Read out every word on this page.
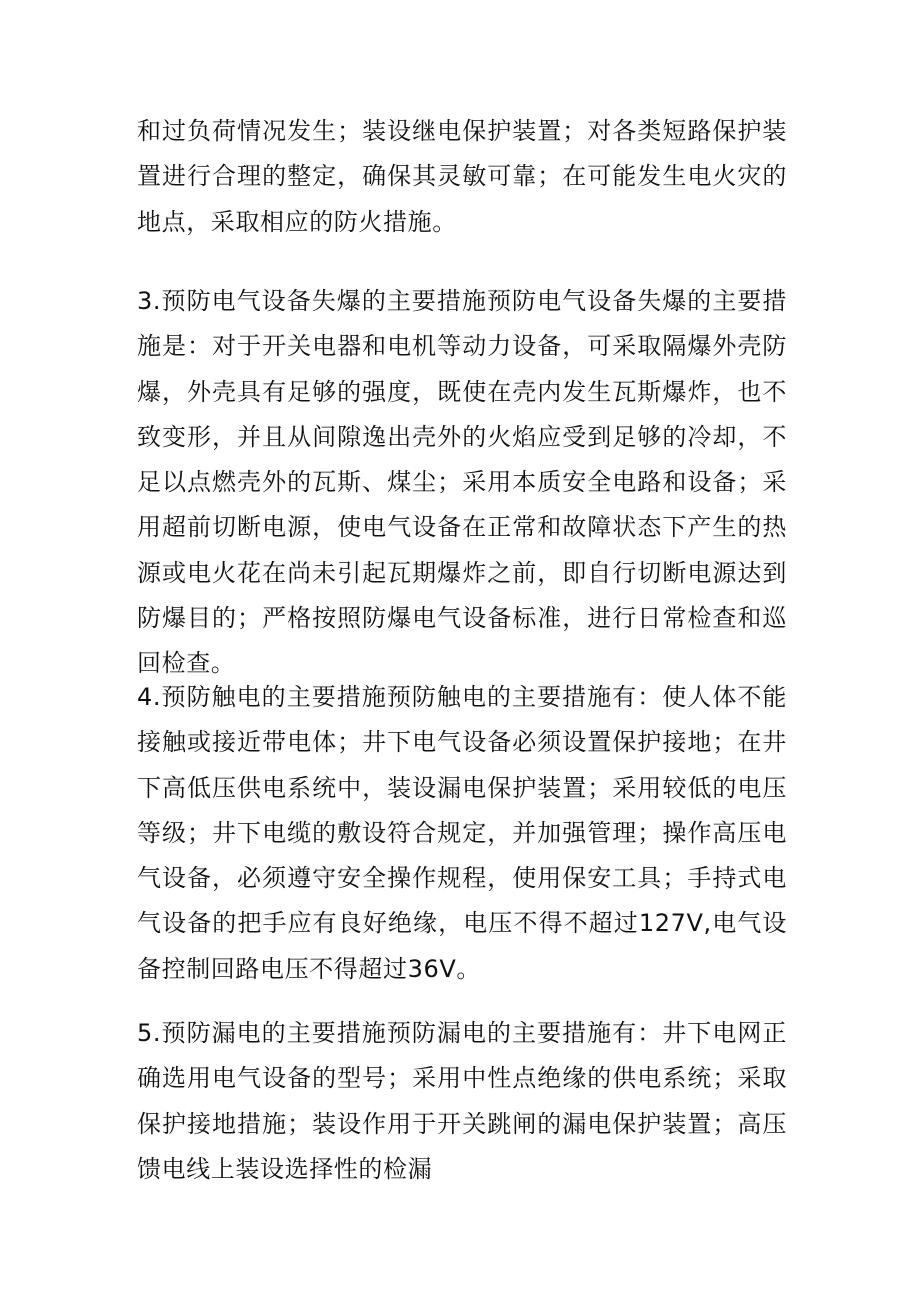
和过负荷情况发生；装设继电保护装置；对各类短路保护装置进行合理的整定，确保其灵敏可靠；在可能发生电火灾的地点，采取相应的防火措施。

3.预防电气设备失爆的主要措施预防电气设备失爆的主要措施是：对于开关电器和电机等动力设备，可采取隔爆外壳防爆，外壳具有足够的强度，既使在壳内发生瓦斯爆炸，也不致变形，并且从间隙逸出壳外的火焰应受到足够的冷却，不足以点燃壳外的瓦斯、煤尘；采用本质安全电路和设备；采用超前切断电源，使电气设备在正常和故障状态下产生的热源或电火花在尚未引起瓦期爆炸之前，即自行切断电源达到防爆目的；严格按照防爆电气设备标准，进行日常检查和巡回检查。

4.预防触电的主要措施预防触电的主要措施有：使人体不能接触或接近带电体；井下电气设备必须设置保护接地；在井下高低压供电系统中，装设漏电保护装置；采用较低的电压等级；井下电缆的敷设符合规定，并加强管理；操作高压电气设备，必须遵守安全操作规程，使用保安工具；手持式电气设备的把手应有良好绝缘，电压不得不超过127V,电气设备控制回路电压不得超过36V。

5.预防漏电的主要措施预防漏电的主要措施有：井下电网正确选用电气设备的型号；采用中性点绝缘的供电系统；采取保护接地措施；装设作用于开关跳闸的漏电保护装置；高压馈电线上装设选择性的检漏
